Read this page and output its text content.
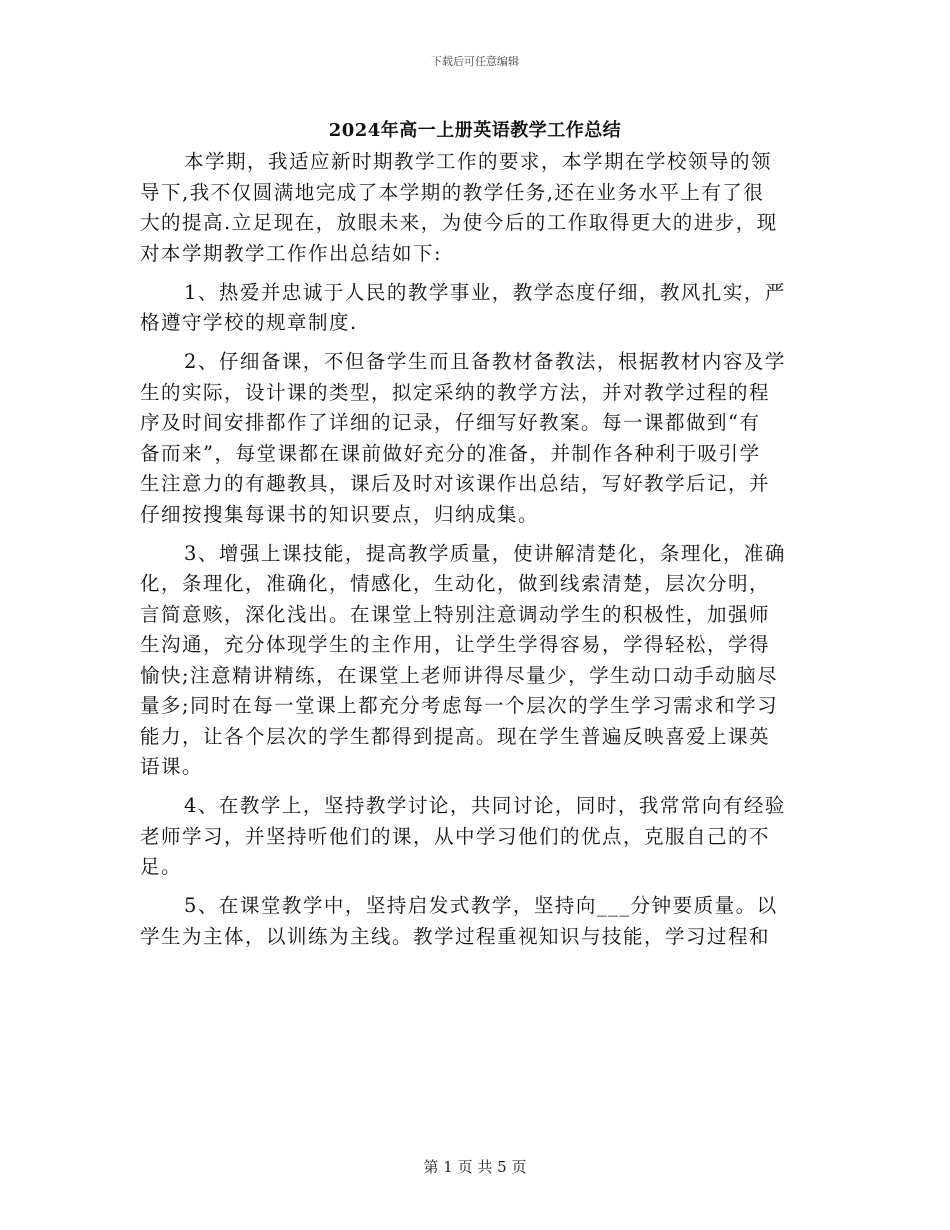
下载后可任意编辑
2024年高一上册英语教学工作总结
本学期，我适应新时期教学工作的要求，本学期在学校领导的领
导下,我不仅圆满地完成了本学期的教学任务,还在业务水平上有了很
大的提高.立足现在，放眼未来，为使今后的工作取得更大的进步，现
对本学期教学工作作出总结如下:
1、热爱并忠诚于人民的教学事业，教学态度仔细，教风扎实，严
格遵守学校的规章制度.
2、仔细备课，不但备学生而且备教材备教法，根据教材内容及学
生的实际，设计课的类型，拟定采纳的教学方法，并对教学过程的程
序及时间安排都作了详细的记录，仔细写好教案。每一课都做到“有
备而来”，每堂课都在课前做好充分的准备，并制作各种利于吸引学
生注意力的有趣教具，课后及时对该课作出总结，写好教学后记，并
仔细按搜集每课书的知识要点，归纳成集。
3、增强上课技能，提高教学质量，使讲解清楚化，条理化，准确
化，条理化，准确化，情感化，生动化，做到线索清楚，层次分明，
言简意赅，深化浅出。在课堂上特别注意调动学生的积极性，加强师
生沟通，充分体现学生的主作用，让学生学得容易，学得轻松，学得
愉快;注意精讲精练，在课堂上老师讲得尽量少，学生动口动手动脑尽
量多;同时在每一堂课上都充分考虑每一个层次的学生学习需求和学习
能力，让各个层次的学生都得到提高。现在学生普遍反映喜爱上课英
语课。
4、在教学上，坚持教学讨论，共同讨论，同时，我常常向有经验
老师学习，并坚持听他们的课，从中学习他们的优点，克服自己的不
足。
5、在课堂教学中，坚持启发式教学，坚持向___分钟要质量。以
学生为主体，以训练为主线。教学过程重视知识与技能，学习过程和
第 1 页 共 5 页
